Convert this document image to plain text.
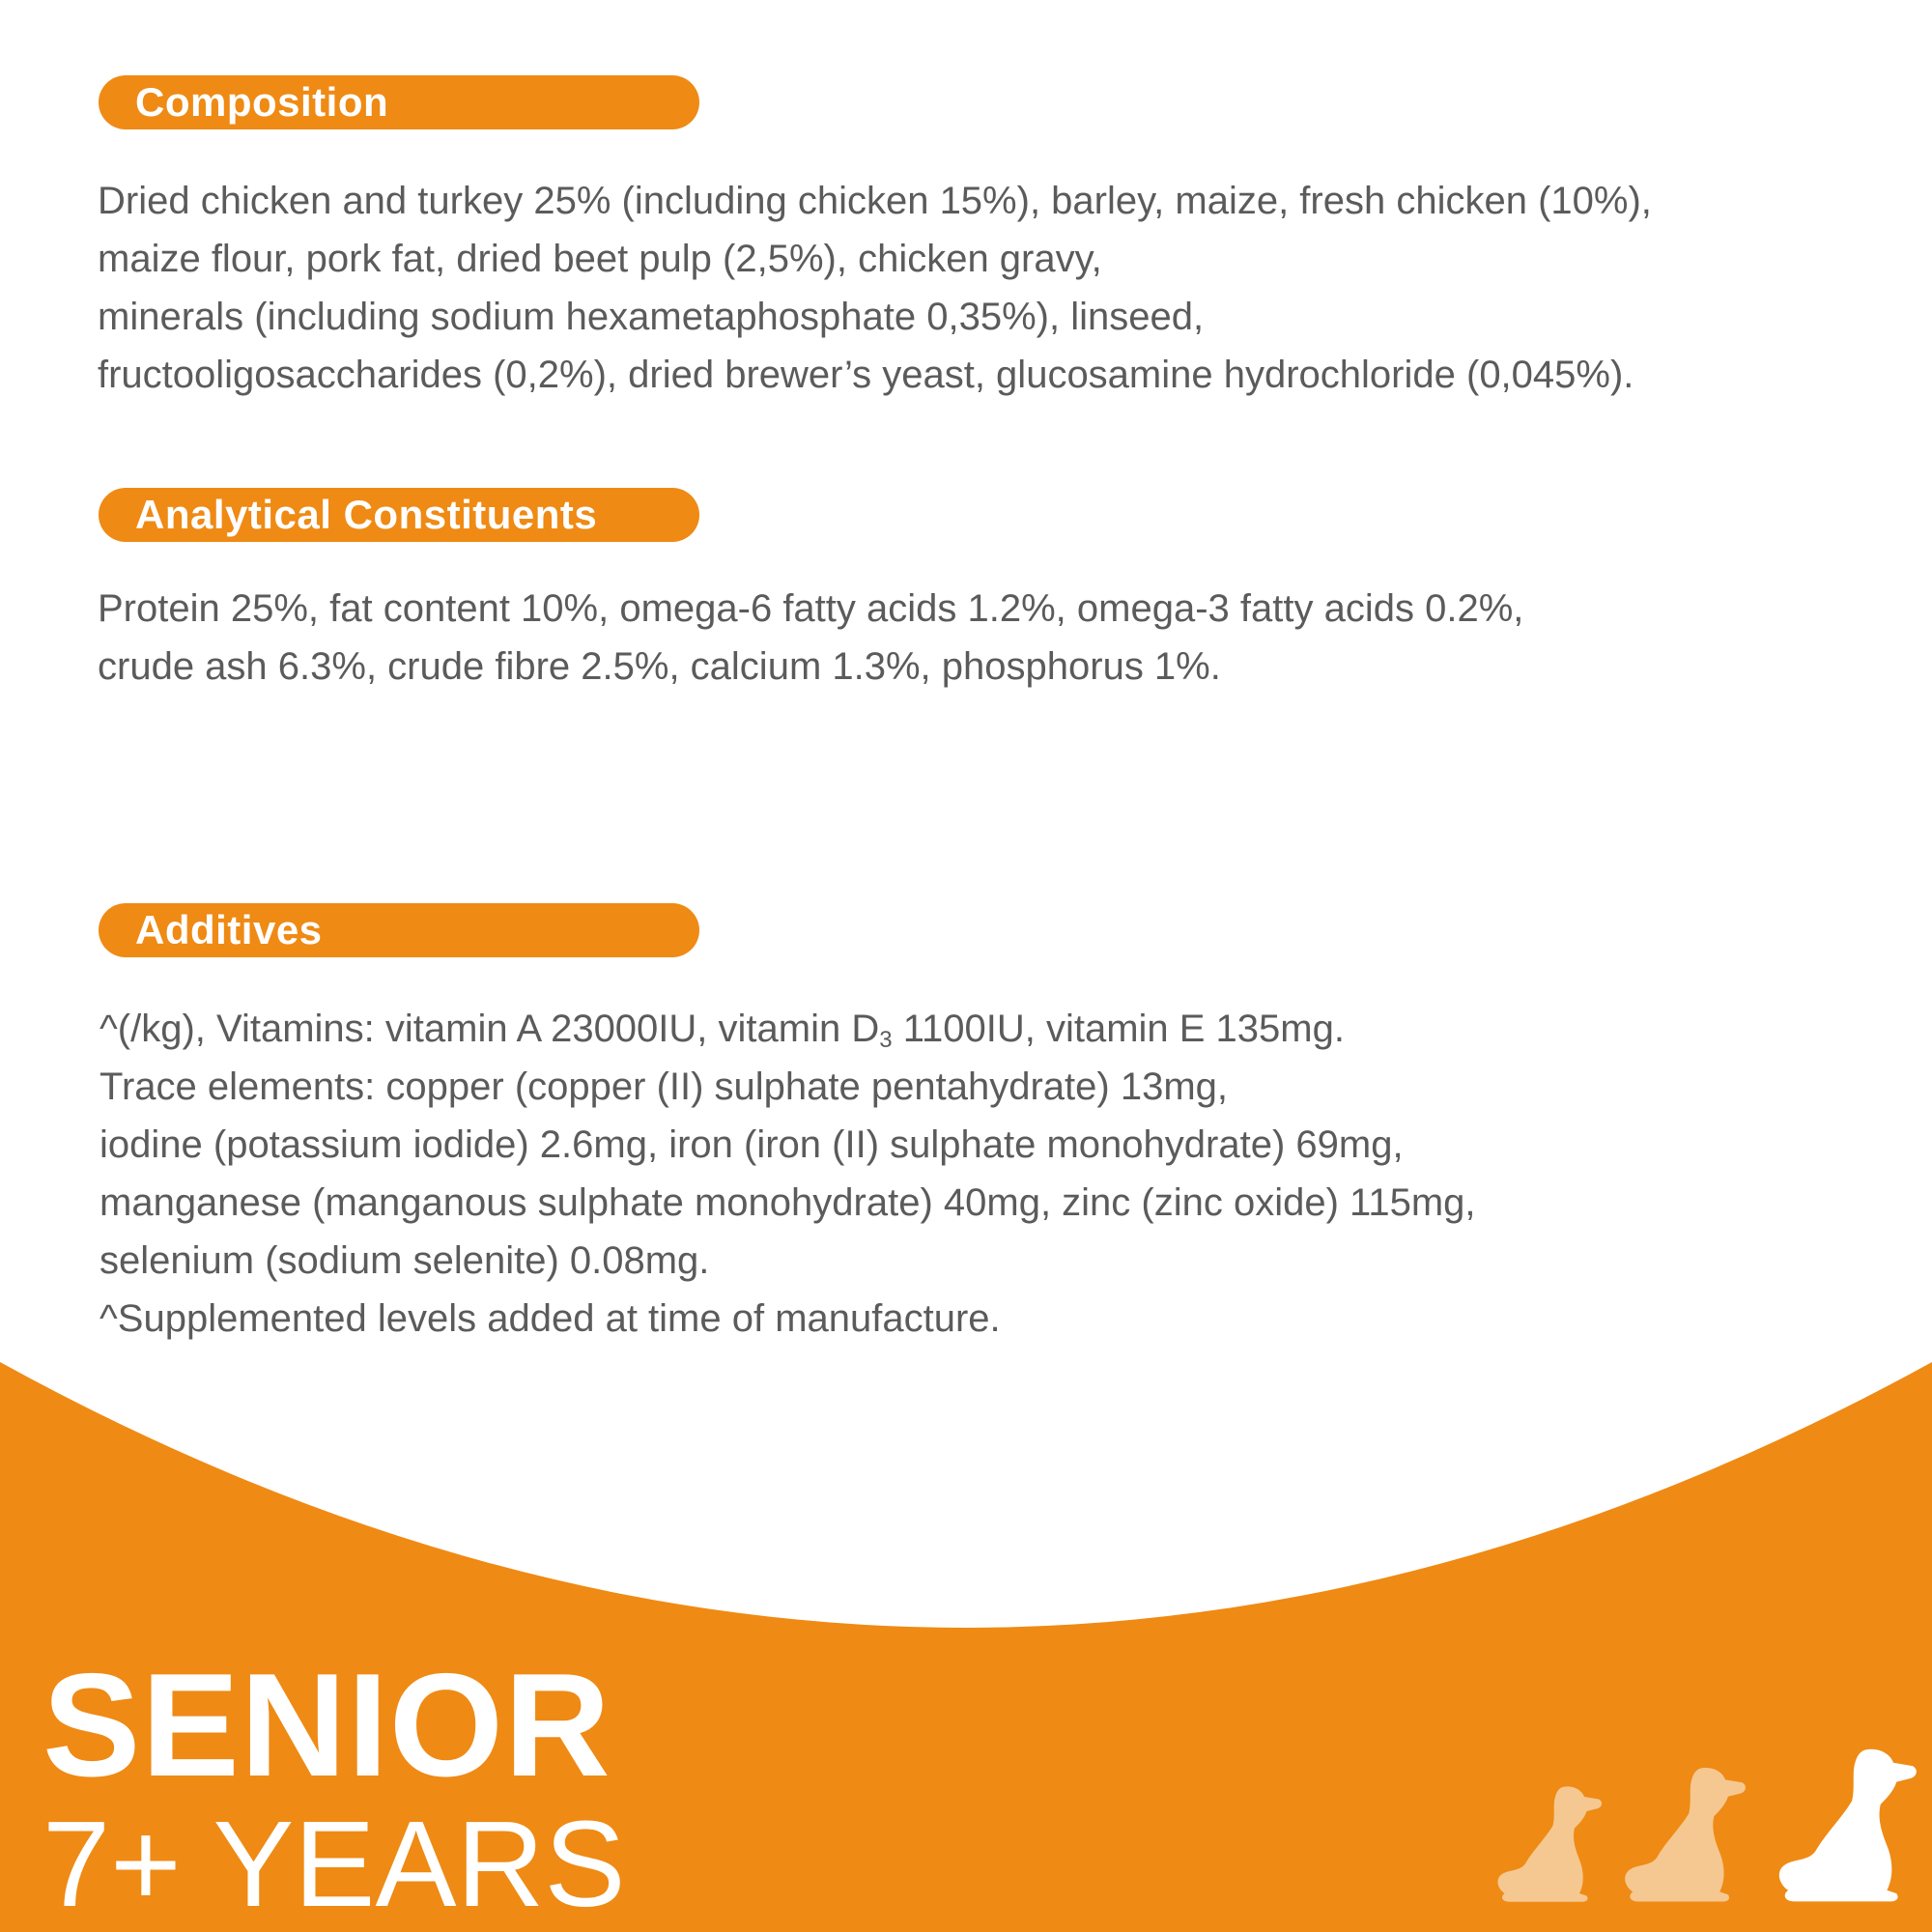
Composition
Dried chicken and turkey 25% (including chicken 15%), barley, maize, fresh chicken (10%),
maize flour, pork fat, dried beet pulp (2,5%), chicken gravy,
minerals (including sodium hexametaphosphate 0,35%), linseed,
fructooligosaccharides (0,2%), dried brewer’s yeast, glucosamine hydrochloride (0,045%).
Analytical Constituents
Protein 25%, fat content 10%, omega-6 fatty acids 1.2%, omega-3 fatty acids 0.2%,
crude ash 6.3%, crude fibre 2.5%, calcium 1.3%, phosphorus 1%.
Additives
^(/kg), Vitamins: vitamin A 23000IU, vitamin $D_3$ 1100IU, vitamin E 135mg.
Trace elements: copper (copper (II) sulphate pentahydrate) 13mg,
iodine (potassium iodide) 2.6mg, iron (iron (II) sulphate monohydrate) 69mg,
manganese (manganous sulphate monohydrate) 40mg, zinc (zinc oxide) 115mg,
selenium (sodium selenite) 0.08mg.
^Supplemented levels added at time of manufacture.
SENIOR
7+ YEARS
